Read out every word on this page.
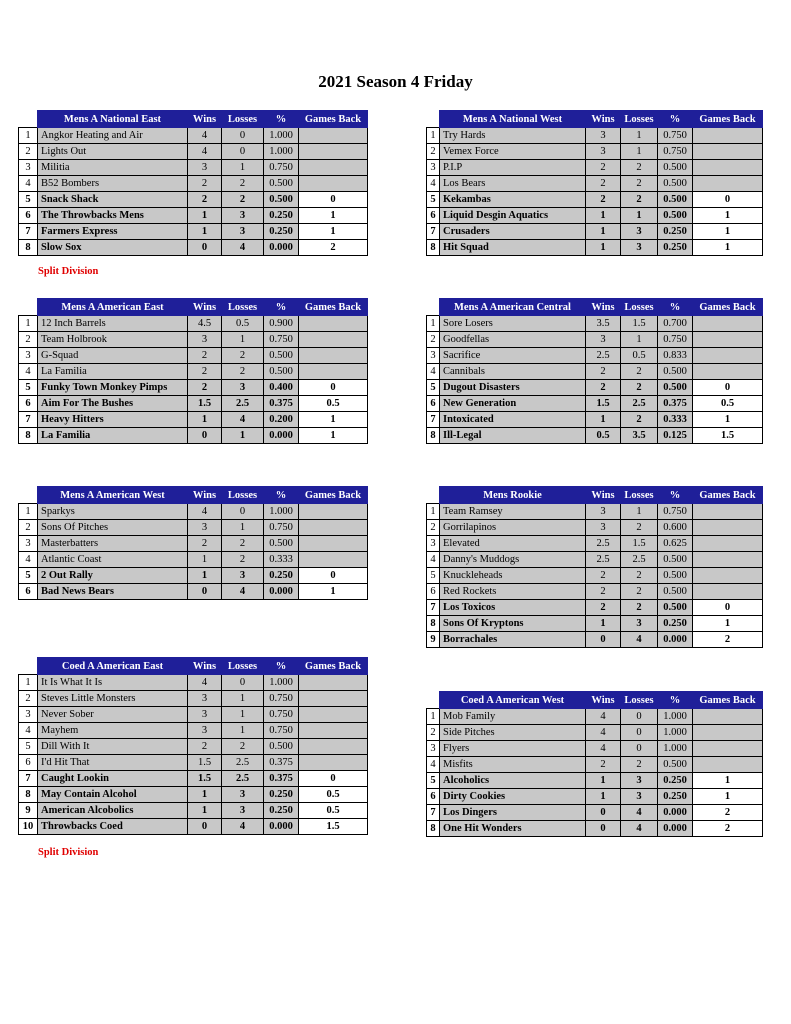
2021 Season 4 Friday
	Mens A National East	Wins	Losses	%	Games Back
1	Angkor Heating and Air	4	0	1.000	
2	Lights Out	4	0	1.000	
3	Militia	3	1	0.750	
4	B52 Bombers	2	2	0.500	
5	Snack Shack	2	2	0.500	0
6	The Throwbacks Mens	1	3	0.250	1
7	Farmers Express	1	3	0.250	1
8	Slow Sox	0	4	0.000	2
	Mens A National West	Wins	Losses	%	Games Back
1	Try Hards	3	1	0.750	
2	Vemex Force	3	1	0.750	
3	P.I.P	2	2	0.500	
4	Los Bears	2	2	0.500	
5	Kekambas	2	2	0.500	0
6	Liquid Desgin Aquatics	1	1	0.500	1
7	Crusaders	1	3	0.250	1
8	Hit Squad	1	3	0.250	1
	Mens A American East	Wins	Losses	%	Games Back
1	12 Inch Barrels	4.5	0.5	0.900	
2	Team Holbrook	3	1	0.750	
3	G-Squad	2	2	0.500	
4	La Familia	2	2	0.500	
5	Funky Town Monkey Pimps	2	3	0.400	0
6	Aim For The Bushes	1.5	2.5	0.375	0.5
7	Heavy Hitters	1	4	0.200	1
8	La Familia	0	1	0.000	1
	Mens A American Central	Wins	Losses	%	Games Back
1	Sore Losers	3.5	1.5	0.700	
2	Goodfellas	3	1	0.750	
3	Sacrifice	2.5	0.5	0.833	
4	Cannibals	2	2	0.500	
5	Dugout Disasters	2	2	0.500	0
6	New Generation	1.5	2.5	0.375	0.5
7	Intoxicated	1	2	0.333	1
8	Ill-Legal	0.5	3.5	0.125	1.5
	Mens A American West	Wins	Losses	%	Games Back
1	Sparkys	4	0	1.000	
2	Sons Of Pitches	3	1	0.750	
3	Masterbatters	2	2	0.500	
4	Atlantic Coast	1	2	0.333	
5	2 Out Rally	1	3	0.250	0
6	Bad News Bears	0	4	0.000	1
	Mens Rookie	Wins	Losses	%	Games Back
1	Team Ramsey	3	1	0.750	
2	Gorrilapinos	3	2	0.600	
3	Elevated	2.5	1.5	0.625	
4	Danny's Muddogs	2.5	2.5	0.500	
5	Knuckleheads	2	2	0.500	
6	Red Rockets	2	2	0.500	
7	Los Toxicos	2	2	0.500	0
8	Sons Of Kryptons	1	3	0.250	1
9	Borrachales	0	4	0.000	2
	Coed A American East	Wins	Losses	%	Games Back
1	It Is What It Is	4	0	1.000	
2	Steves Little Monsters	3	1	0.750	
3	Never Sober	3	1	0.750	
4	Mayhem	3	1	0.750	
5	Dill With It	2	2	0.500	
6	I'd Hit That	1.5	2.5	0.375	
7	Caught Lookin	1.5	2.5	0.375	0
8	May Contain Alcohol	1	3	0.250	0.5
9	American Alcobolics	1	3	0.250	0.5
10	Throwbacks Coed	0	4	0.000	1.5
	Coed A American West	Wins	Losses	%	Games Back
1	Mob Family	4	0	1.000	
2	Side Pitches	4	0	1.000	
3	Flyers	4	0	1.000	
4	Misfits	2	2	0.500	
5	Alcoholics	1	3	0.250	1
6	Dirty Cookies	1	3	0.250	1
7	Los Dingers	0	4	0.000	2
8	One Hit Wonders	0	4	0.000	2
Split Division
Split Division
